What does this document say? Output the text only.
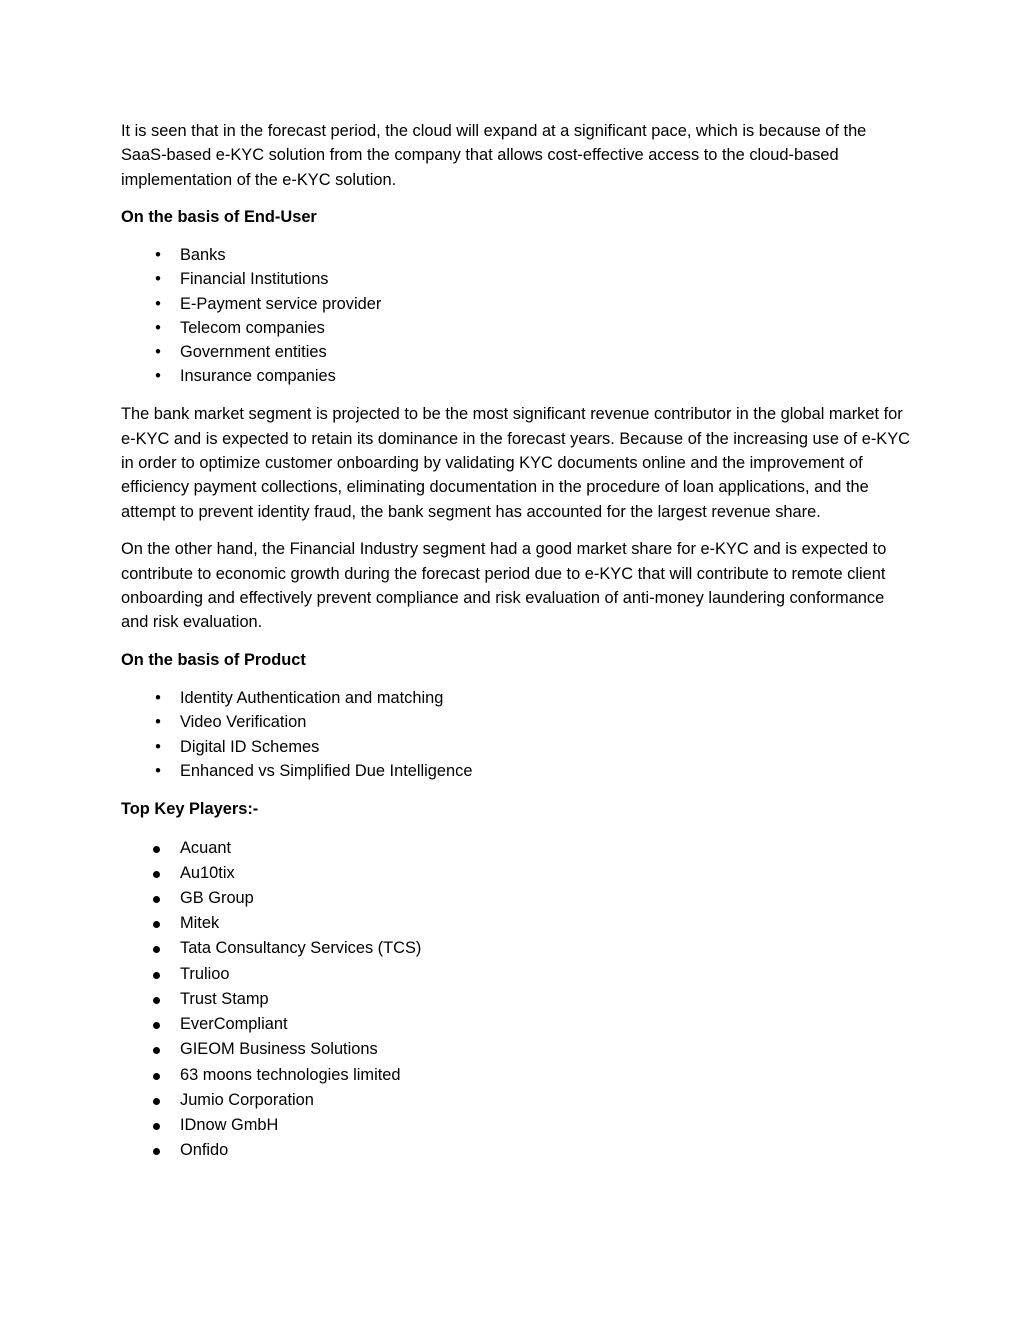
It is seen that in the forecast period, the cloud will expand at a significant pace, which is because of the SaaS-based e-KYC solution from the company that allows cost-effective access to the cloud-based implementation of the e-KYC solution.

On the basis of End-User

• Banks
• Financial Institutions
• E-Payment service provider
• Telecom companies
• Government entities
• Insurance companies

The bank market segment is projected to be the most significant revenue contributor in the global market for e-KYC and is expected to retain its dominance in the forecast years. Because of the increasing use of e-KYC in order to optimize customer onboarding by validating KYC documents online and the improvement of efficiency payment collections, eliminating documentation in the procedure of loan applications, and the attempt to prevent identity fraud, the bank segment has accounted for the largest revenue share.

On the other hand, the Financial Industry segment had a good market share for e-KYC and is expected to contribute to economic growth during the forecast period due to e-KYC that will contribute to remote client onboarding and effectively prevent compliance and risk evaluation of anti-money laundering conformance and risk evaluation.

On the basis of Product

• Identity Authentication and matching
• Video Verification
• Digital ID Schemes
• Enhanced vs Simplified Due Intelligence

Top Key Players:-

Acuant
Au10tix
GB Group
Mitek
Tata Consultancy Services (TCS)
Trulioo
Trust Stamp
EverCompliant
GIEOM Business Solutions
63 moons technologies limited
Jumio Corporation
IDnow GmbH
Onfido
